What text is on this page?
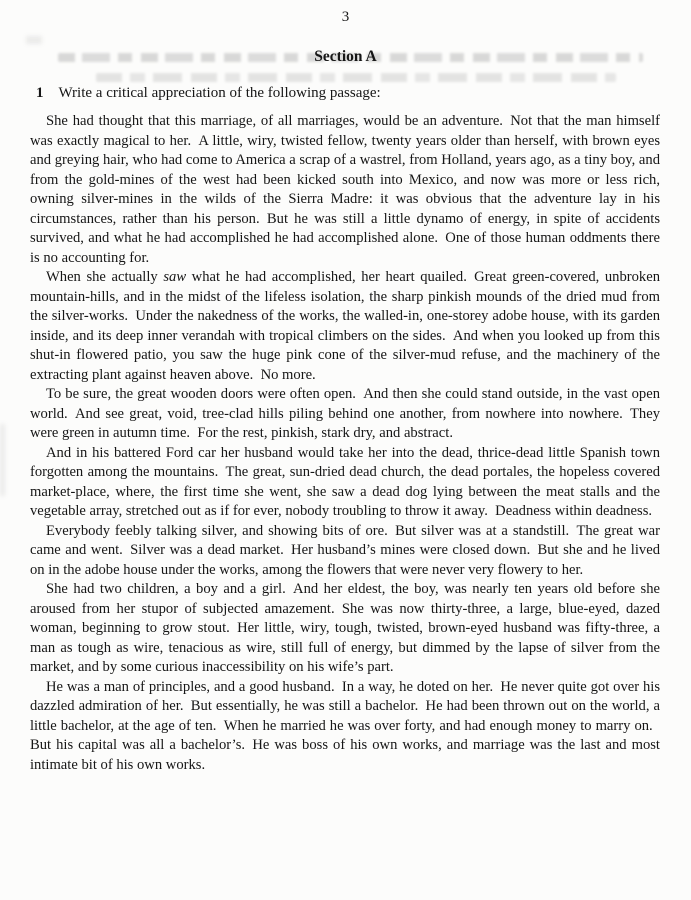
3
Section A
1 Write a critical appreciation of the following passage:

She had thought that this marriage, of all marriages, would be an adventure. Not that the man himself was exactly magical to her. A little, wiry, twisted fellow, twenty years older than herself, with brown eyes and greying hair, who had come to America a scrap of a wastrel, from Holland, years ago, as a tiny boy, and from the gold-mines of the west had been kicked south into Mexico, and now was more or less rich, owning silver-mines in the wilds of the Sierra Madre: it was obvious that the adventure lay in his circumstances, rather than his person. But he was still a little dynamo of energy, in spite of accidents survived, and what he had accomplished he had accomplished alone. One of those human oddments there is no accounting for.

When she actually saw what he had accomplished, her heart quailed. Great green-covered, unbroken mountain-hills, and in the midst of the lifeless isolation, the sharp pinkish mounds of the dried mud from the silver-works. Under the nakedness of the works, the walled-in, one-storey adobe house, with its garden inside, and its deep inner verandah with tropical climbers on the sides. And when you looked up from this shut-in flowered patio, you saw the huge pink cone of the silver-mud refuse, and the machinery of the extracting plant against heaven above. No more.

To be sure, the great wooden doors were often open. And then she could stand outside, in the vast open world. And see great, void, tree-clad hills piling behind one another, from nowhere into nowhere. They were green in autumn time. For the rest, pinkish, stark dry, and abstract.

And in his battered Ford car her husband would take her into the dead, thrice-dead little Spanish town forgotten among the mountains. The great, sun-dried dead church, the dead portales, the hopeless covered market-place, where, the first time she went, she saw a dead dog lying between the meat stalls and the vegetable array, stretched out as if for ever, nobody troubling to throw it away. Deadness within deadness.

Everybody feebly talking silver, and showing bits of ore. But silver was at a standstill. The great war came and went. Silver was a dead market. Her husband’s mines were closed down. But she and he lived on in the adobe house under the works, among the flowers that were never very flowery to her.

She had two children, a boy and a girl. And her eldest, the boy, was nearly ten years old before she aroused from her stupor of subjected amazement. She was now thirty-three, a large, blue-eyed, dazed woman, beginning to grow stout. Her little, wiry, tough, twisted, brown-eyed husband was fifty-three, a man as tough as wire, tenacious as wire, still full of energy, but dimmed by the lapse of silver from the market, and by some curious inaccessibility on his wife’s part.

He was a man of principles, and a good husband. In a way, he doted on her. He never quite got over his dazzled admiration of her. But essentially, he was still a bachelor. He had been thrown out on the world, a little bachelor, at the age of ten. When he married he was over forty, and had enough money to marry on. But his capital was all a bachelor’s. He was boss of his own works, and marriage was the last and most intimate bit of his own works.
